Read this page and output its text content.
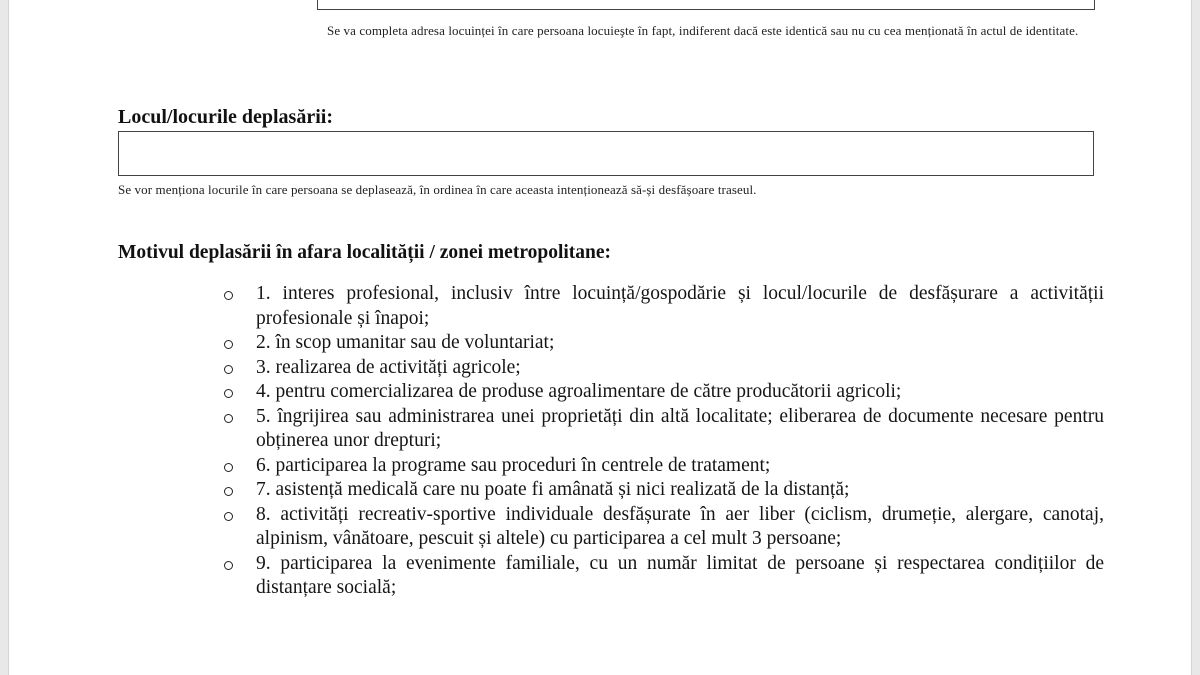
Se va completa adresa locuinței în care persoana locuieşte în fapt, indiferent dacă este identică sau nu cu cea menționată în actul de identitate.
Locul/locurile deplasării:
Se vor menționa locurile în care persoana se deplasează, în ordinea în care aceasta intenționează să-și desfășoare traseul.
Motivul deplasării în afara localității / zonei metropolitane:
1. interes profesional, inclusiv între locuință/gospodărie și locul/locurile de desfășurare a activității profesionale și înapoi;
2. în scop umanitar sau de voluntariat;
3. realizarea de activități agricole;
4. pentru comercializarea de produse agroalimentare de către producătorii agricoli;
5. îngrijirea sau administrarea unei proprietăți din altă localitate; eliberarea de documente necesare pentru obținerea unor drepturi;
6. participarea la programe sau proceduri în centrele de tratament;
7. asistență medicală care nu poate fi amânată și nici realizată de la distanță;
8. activități recreativ-sportive individuale desfășurate în aer liber (ciclism, drumeție, alergare, canotaj, alpinism, vânătoare, pescuit și altele) cu participarea a cel mult 3 persoane;
9. participarea la evenimente familiale, cu un număr limitat de persoane și respectarea condițiilor de distanțare socială;
